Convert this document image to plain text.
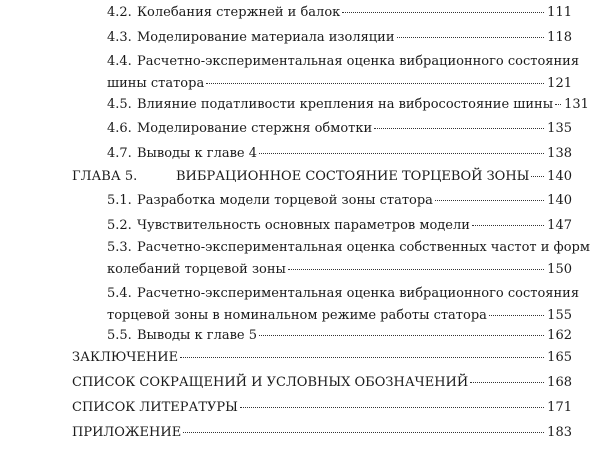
4.2. Колебания стержней и балок	111
4.3. Моделирование материала изоляции	118
4.4. Расчетно-экспериментальная оценка вибрационного состояния
шины статора	121
4.5. Влияние податливости крепления на вибросостояние шины 131
4.6. Моделирование стержня обмотки	135
4.7. Выводы к главе 4	138
ГЛАВА 5.	ВИБРАЦИОННОЕ СОСТОЯНИЕ ТОРЦЕВОЙ ЗОНЫ 140
5.1. Разработка модели торцевой зоны статора	140
5.2. Чувствительность основных параметров модели	147
5.3. Расчетно-экспериментальная оценка собственных частот и форм
колебаний торцевой зоны	150
5.4. Расчетно-экспериментальная оценка вибрационного состояния
торцевой зоны в номинальном режиме работы статора	155
5.5. Выводы к главе 5	162
ЗАКЛЮЧЕНИЕ	165
СПИСОК СОКРАЩЕНИЙ И УСЛОВНЫХ ОБОЗНАЧЕНИЙ	168
СПИСОК ЛИТЕРАТУРЫ	171
ПРИЛОЖЕНИЕ	183
